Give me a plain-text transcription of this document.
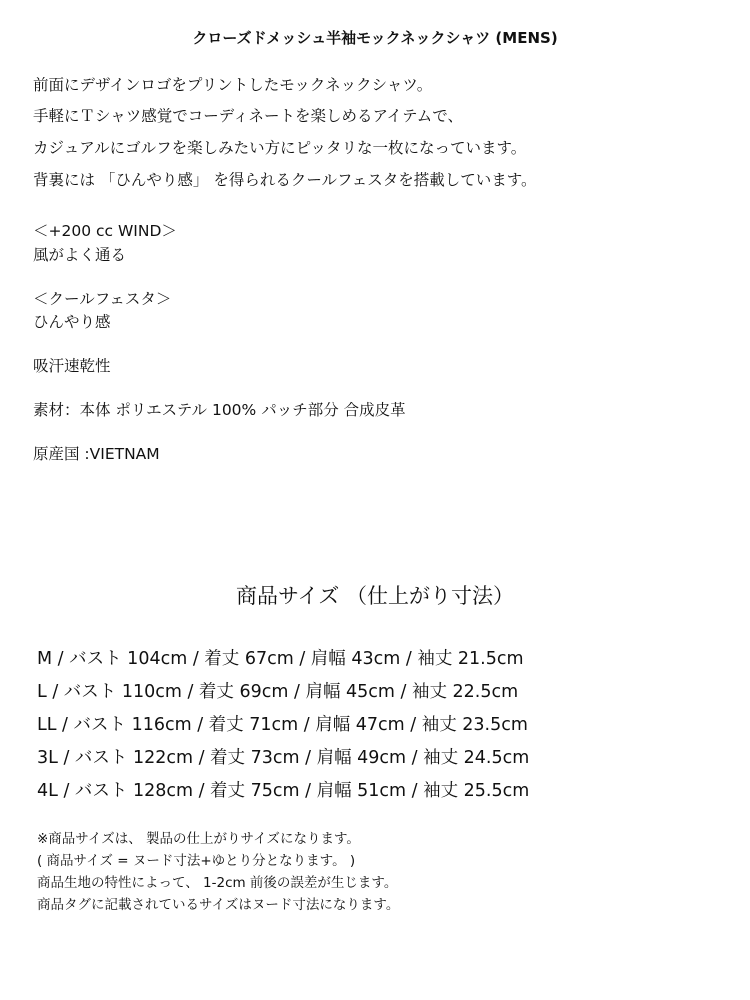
クローズドメッシュ半袖モックネックシャツ (MENS)
前面にデザインロゴをプリントしたモックネックシャツ。
手軽にＴシャツ感覚でコーディネートを楽しめるアイテムで、
カジュアルにゴルフを楽しみたい方にピッタリな一枚になっています。
背裏には 「ひんやり感」 を得られるクールフェスタを搭載しています。
＜+200 cc WIND＞
風がよく通る
＜クールフェスタ＞
ひんやり感
吸汗速乾性
素材：本体 ポリエステル 100% パッチ部分 合成皮革
原産国 :VIETNAM
商品サイズ （仕上がり寸法）
M / バスト 104cm / 着丈 67cm / 肩幅 43cm / 袖丈 21.5cm
L / バスト 110cm / 着丈 69cm / 肩幅 45cm / 袖丈 22.5cm
LL / バスト 116cm / 着丈 71cm / 肩幅 47cm / 袖丈 23.5cm
3L / バスト 122cm / 着丈 73cm / 肩幅 49cm / 袖丈 24.5cm
4L / バスト 128cm / 着丈 75cm / 肩幅 51cm / 袖丈 25.5cm
※商品サイズは、 製品の仕上がりサイズになります。
( 商品サイズ = ヌード寸法+ゆとり分となります。 )
商品生地の特性によって、 1-2cm 前後の誤差が生じます。
商品タグに記載されているサイズはヌード寸法になります。
